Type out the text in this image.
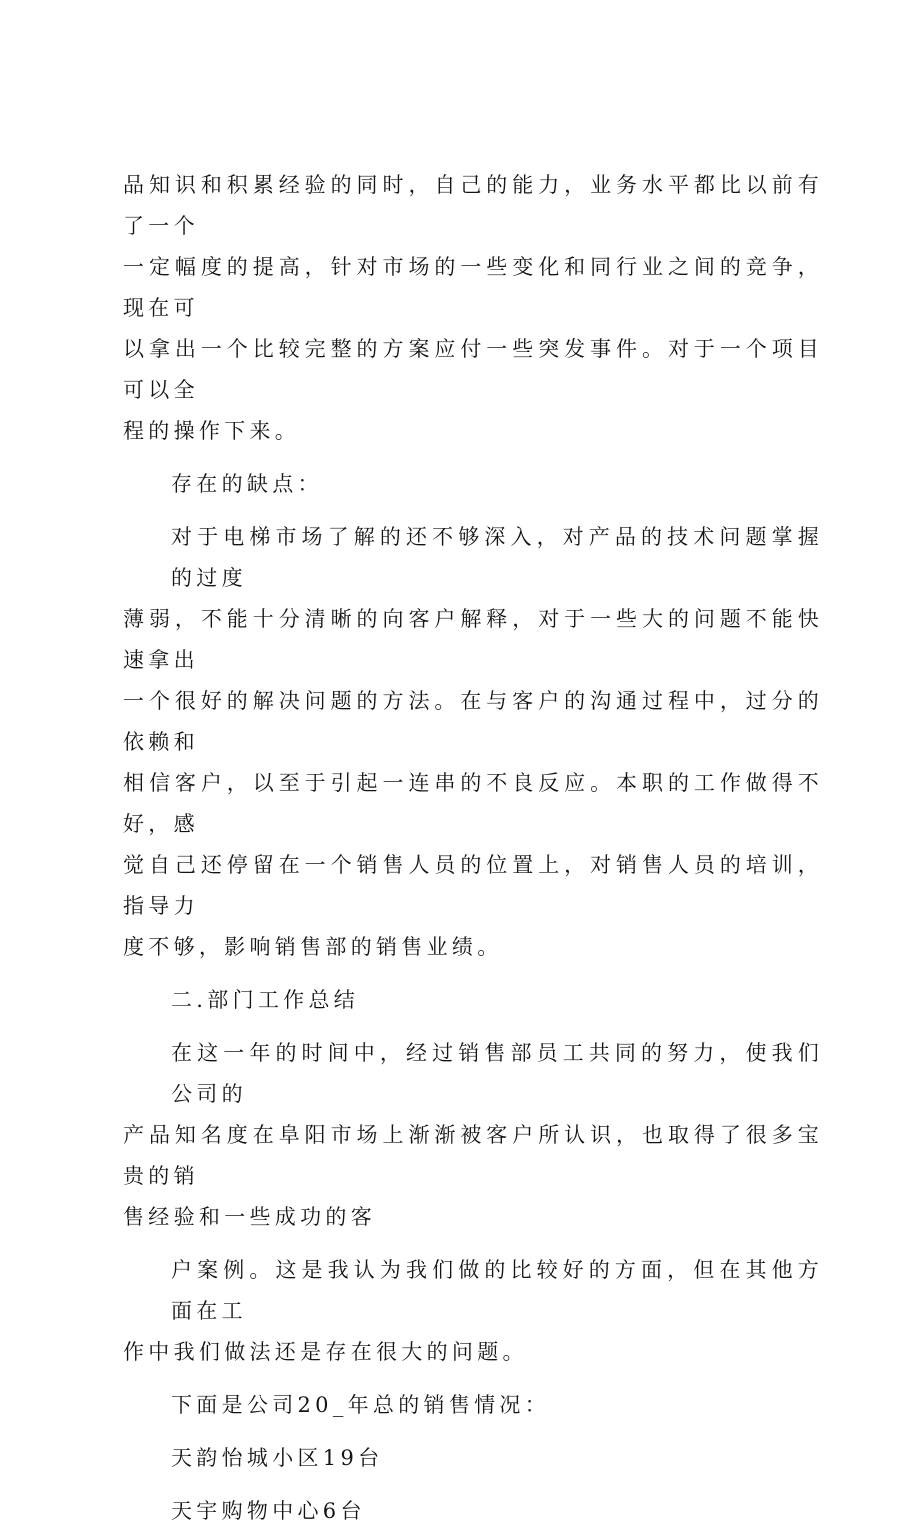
品知识和积累经验的同时，自己的能力，业务水平都比以前有了一个
一定幅度的提高，针对市场的一些变化和同行业之间的竞争，现在可
以拿出一个比较完整的方案应付一些突发事件。对于一个项目可以全
程的操作下来。

存在的缺点：

对于电梯市场了解的还不够深入，对产品的技术问题掌握的过度
薄弱，不能十分清晰的向客户解释，对于一些大的问题不能快速拿出
一个很好的解决问题的方法。在与客户的沟通过程中，过分的依赖和
相信客户，以至于引起一连串的不良反应。本职的工作做得不好，感
觉自己还停留在一个销售人员的位置上，对销售人员的培训，指导力
度不够，影响销售部的销售业绩。

二.部门工作总结

在这一年的时间中，经过销售部员工共同的努力，使我们公司的
产品知名度在阜阳市场上渐渐被客户所认识，也取得了很多宝贵的销
售经验和一些成功的客

户案例。这是我认为我们做的比较好的方面，但在其他方面在工
作中我们做法还是存在很大的问题。

下面是公司20_年总的销售情况：

天韵怡城小区19台

天宇购物中心6台
